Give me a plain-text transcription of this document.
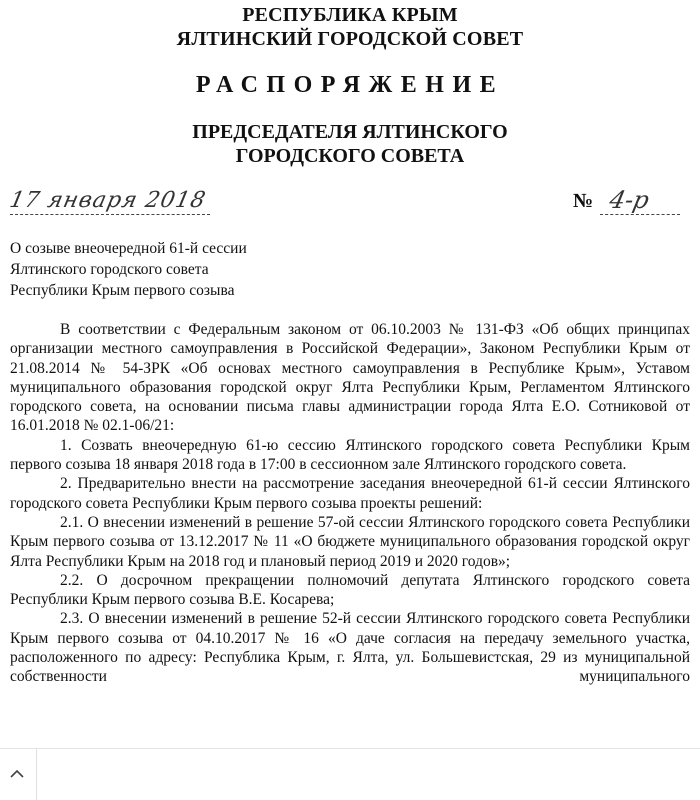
РЕСПУБЛИКА КРЫМ
ЯЛТИНСКИЙ ГОРОДСКОЙ СОВЕТ
РАСПОРЯЖЕНИЕ
ПРЕДСЕДАТЕЛЯ ЯЛТИНСКОГО
ГОРОДСКОГО СОВЕТА
17 января 2018	№ 4-р
О созыве внеочередной 61-й сессии
Ялтинского городского совета
Республики Крым первого созыва

В соответствии с Федеральным законом от 06.10.2003 № 131-ФЗ «Об общих принципах организации местного самоуправления в Российской Федерации», Законом Республики Крым от 21.08.2014 № 54-ЗРК «Об основах местного самоуправления в Республике Крым», Уставом муниципального образования городской округ Ялта Республики Крым, Регламентом Ялтинского городского совета, на основании письма главы администрации города Ялта Е.О. Сотниковой от 16.01.2018 № 02.1-06/21:

1. Созвать внеочередную 61-ю сессию Ялтинского городского совета Республики Крым первого созыва 18 января 2018 года в 17:00 в сессионном зале Ялтинского городского совета.

2. Предварительно внести на рассмотрение заседания внеочередной 61-й сессии Ялтинского городского совета Республики Крым первого созыва проекты решений:

2.1. О внесении изменений в решение 57-ой сессии Ялтинского городского совета Республики Крым первого созыва от 13.12.2017 № 11 «О бюджете муниципального образования городской округ Ялта Республики Крым на 2018 год и плановый период 2019 и 2020 годов»;

2.2. О досрочном прекращении полномочий депутата Ялтинского городского совета Республики Крым первого созыва В.Е. Косарева;

2.3. О внесении изменений в решение 52-й сессии Ялтинского городского совета Республики Крым первого созыва от 04.10.2017 № 16 «О даче согласия на передачу земельного участка, расположенного по адресу: Республика Крым, г. Ялта, ул. Большевистская, 29 из муниципальной собственности муниципального
